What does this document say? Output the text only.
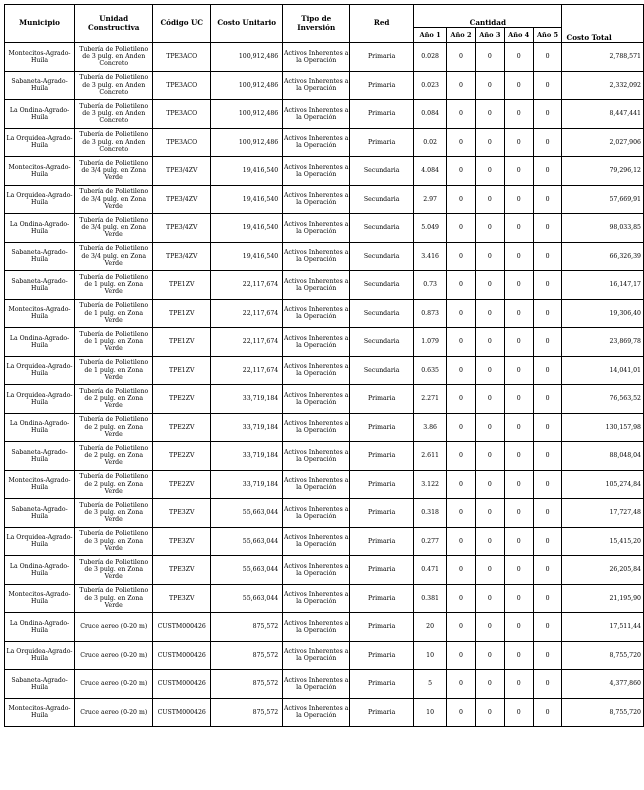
Municipio	Unidad Constructiva	Código UC	Costo Unitario	Tipo de Inversión	Red	Cantidad					Costo Total
						Año 1	Año 2	Año 3	Año 4	Año 5	
Montecitos-Agrado-Huila	Tubería de Polietileno de 3 pulg. en Anden Concreto	TPE3ACO	100,912,486	Activos Inherentes a la Operación	Primaria	0.028	0	0	0	0	2,788,571
Sabaneta-Agrado-Huila	Tubería de Polietileno de 3 pulg. en Anden Concreto	TPE3ACO	100,912,486	Activos Inherentes a la Operación	Primaria	0.023	0	0	0	0	2,332,092
La Ondina-Agrado-Huila	Tubería de Polietileno de 3 pulg. en Anden Concreto	TPE3ACO	100,912,486	Activos Inherentes a la Operación	Primaria	0.084	0	0	0	0	8,447,441
La Orquidea-Agrado-Huila	Tubería de Polietileno de 3 pulg. en Anden Concreto	TPE3ACO	100,912,486	Activos Inherentes a la Operación	Primaria	0.02	0	0	0	0	2,027,906
Montecitos-Agrado-Huila	Tubería de Polietileno de 3/4 pulg. en Zona Verde	TPE3/4ZV	19,416,540	Activos Inherentes a la Operación	Secundaria	4.084	0	0	0	0	79,296,12
La Orquidea-Agrado-Huila	Tubería de Polietileno de 3/4 pulg. en Zona Verde	TPE3/4ZV	19,416,540	Activos Inherentes a la Operación	Secundaria	2.97	0	0	0	0	57,669,91
La Ondina-Agrado-Huila	Tubería de Polietileno de 3/4 pulg. en Zona Verde	TPE3/4ZV	19,416,540	Activos Inherentes a la Operación	Secundaria	5.049	0	0	0	0	98,033,85
Sabaneta-Agrado-Huila	Tubería de Polietileno de 3/4 pulg. en Zona Verde	TPE3/4ZV	19,416,540	Activos Inherentes a la Operación	Secundaria	3.416	0	0	0	0	66,326,39
Sabaneta-Agrado-Huila	Tubería de Polietileno de 1 pulg. en Zona Verde	TPE1ZV	22,117,674	Activos Inherentes a la Operación	Secundaria	0.73	0	0	0	0	16,147,17
Montecitos-Agrado-Huila	Tubería de Polietileno de 1 pulg. en Zona Verde	TPE1ZV	22,117,674	Activos Inherentes a la Operación	Secundaria	0.873	0	0	0	0	19,306,40
La Ondina-Agrado-Huila	Tubería de Polietileno de 1 pulg. en Zona Verde	TPE1ZV	22,117,674	Activos Inherentes a la Operación	Secundaria	1.079	0	0	0	0	23,869,78
La Orquidea-Agrado-Huila	Tubería de Polietileno de 1 pulg. en Zona Verde	TPE1ZV	22,117,674	Activos Inherentes a la Operación	Secundaria	0.635	0	0	0	0	14,041,01
La Orquidea-Agrado-Huila	Tubería de Polietileno de 2 pulg. en Zona Verde	TPE2ZV	33,719,184	Activos Inherentes a la Operación	Primaria	2.271	0	0	0	0	76,563,52
La Ondina-Agrado-Huila	Tubería de Polietileno de 2 pulg. en Zona Verde	TPE2ZV	33,719,184	Activos Inherentes a la Operación	Primaria	3.86	0	0	0	0	130,157,98
Sabaneta-Agrado-Huila	Tubería de Polietileno de 2 pulg. en Zona Verde	TPE2ZV	33,719,184	Activos Inherentes a la Operación	Primaria	2.611	0	0	0	0	88,048,04
Montecitos-Agrado-Huila	Tubería de Polietileno de 2 pulg. en Zona Verde	TPE2ZV	33,719,184	Activos Inherentes a la Operación	Primaria	3.122	0	0	0	0	105,274,84
Sabaneta-Agrado-Huila	Tubería de Polietileno de 3 pulg. en Zona Verde	TPE3ZV	55,663,044	Activos Inherentes a la Operación	Primaria	0.318	0	0	0	0	17,727,48
La Orquidea-Agrado-Huila	Tubería de Polietileno de 3 pulg. en Zona Verde	TPE3ZV	55,663,044	Activos Inherentes a la Operación	Primaria	0.277	0	0	0	0	15,415,20
La Ondina-Agrado-Huila	Tubería de Polietileno de 3 pulg. en Zona Verde	TPE3ZV	55,663,044	Activos Inherentes a la Operación	Primaria	0.471	0	0	0	0	26,205,84
Montecitos-Agrado-Huila	Tubería de Polietileno de 3 pulg. en Zona Verde	TPE3ZV	55,663,044	Activos Inherentes a la Operación	Primaria	0.381	0	0	0	0	21,195,90
La Ondina-Agrado-Huila	Cruce aereo (0-20 m)	CUSTM000426	875,572	Activos Inherentes a la Operación	Primaria	20	0	0	0	0	17,511,44
La Orquidea-Agrado-Huila	Cruce aereo (0-20 m)	CUSTM000426	875,572	Activos Inherentes a la Operación	Primaria	10	0	0	0	0	8,755,720
Sabaneta-Agrado-Huila	Cruce aereo (0-20 m)	CUSTM000426	875,572	Activos Inherentes a la Operación	Primaria	5	0	0	0	0	4,377,860
Montecitos-Agrado-Huila	Cruce aereo (0-20 m)	CUSTM000426	875,572	Activos Inherentes a la Operación	Primaria	10	0	0	0	0	8,755,720
